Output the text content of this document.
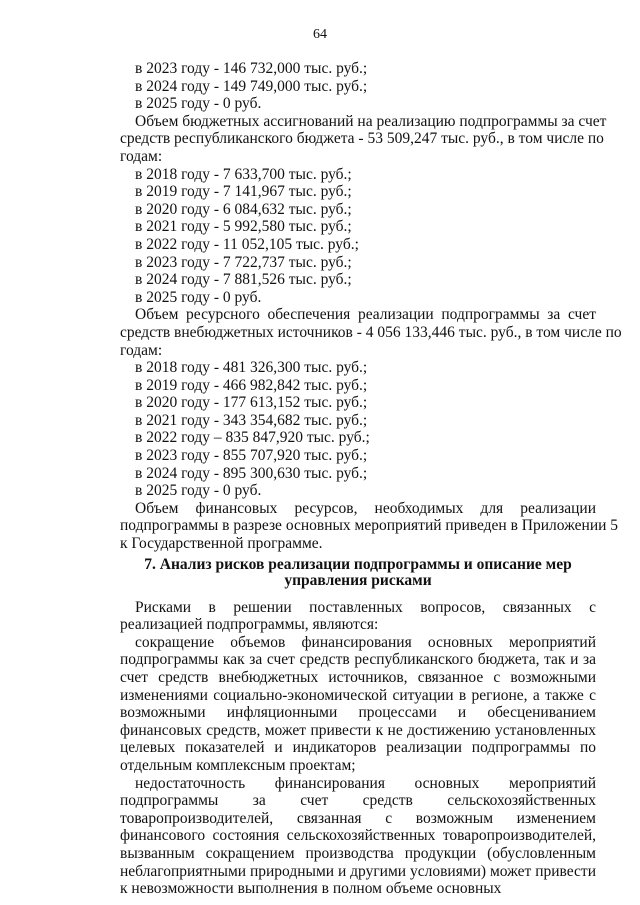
64
в 2023 году - 146 732,000 тыс. руб.;
в 2024 году - 149 749,000 тыс. руб.;
в 2025 году - 0 руб.
Объем бюджетных ассигнований на реализацию подпрограммы за счет
средств республиканского бюджета - 53 509,247 тыс. руб., в том числе по
годам:
в 2018 году - 7 633,700 тыс. руб.;
в 2019 году - 7 141,967 тыс. руб.;
в 2020 году - 6 084,632 тыс. руб.;
в 2021 году - 5 992,580 тыс. руб.;
в 2022 году - 11 052,105 тыс. руб.;
в 2023 году - 7 722,737 тыс. руб.;
в 2024 году - 7 881,526 тыс. руб.;
в 2025 году - 0 руб.
Объем ресурсного обеспечения реализации подпрограммы за счет
средств внебюджетных источников - 4 056 133,446 тыс. руб., в том числе по
годам:
в 2018 году - 481 326,300 тыс. руб.;
в 2019 году - 466 982,842 тыс. руб.;
в 2020 году - 177 613,152 тыс. руб.;
в 2021 году - 343 354,682 тыс. руб.;
в 2022 году – 835 847,920 тыс. руб.;
в 2023 году - 855 707,920 тыс. руб.;
в 2024 году - 895 300,630 тыс. руб.;
в 2025 году - 0 руб.
Объем финансовых ресурсов, необходимых для реализации
подпрограммы в разрезе основных мероприятий приведен в Приложении 5
к Государственной программе.
7. Анализ рисков реализации подпрограммы и описание мер
управления рисками
Рисками в решении поставленных вопросов, связанных с реализацией подпрограммы, являются:
сокращение объемов финансирования основных мероприятий подпрограммы как за счет средств республиканского бюджета, так и за счет средств внебюджетных источников, связанное с возможными изменениями социально-экономической ситуации в регионе, а также с возможными инфляционными процессами и обесцениванием финансовых средств, может привести к не достижению установленных целевых показателей и индикаторов реализации подпрограммы по отдельным комплексным проектам;
недостаточность финансирования основных мероприятий подпрограммы за счет средств сельскохозяйственных товаропроизводителей, связанная с возможным изменением финансового состояния сельскохозяйственных товаропроизводителей, вызванным сокращением производства продукции (обусловленным неблагоприятными природными и другими условиями) может привести к невозможности выполнения в полном объеме основных
